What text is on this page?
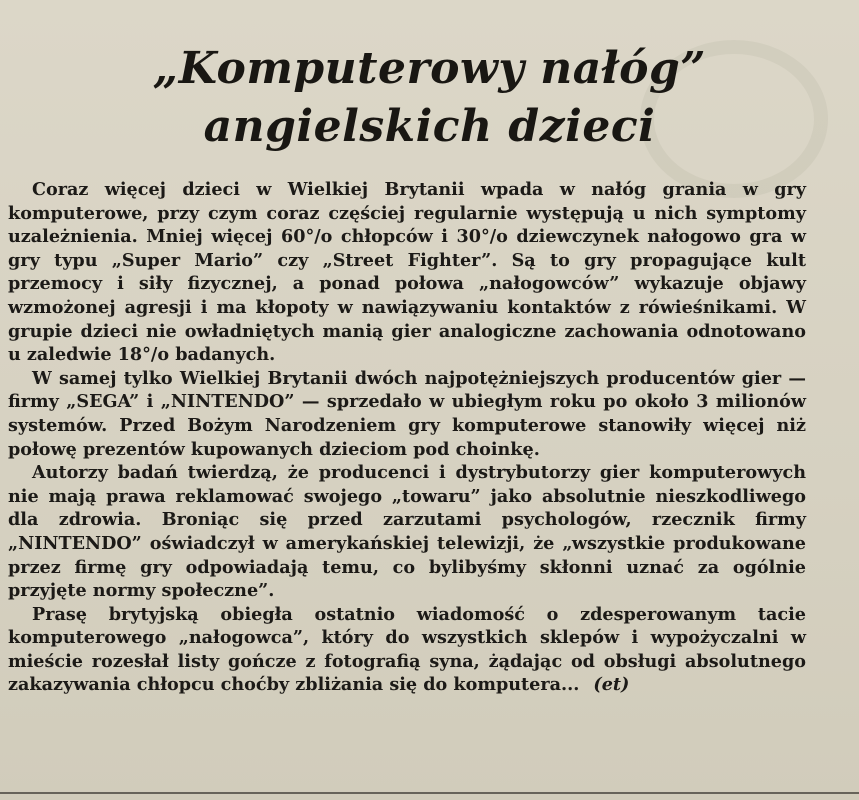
„Komputerowy nałóg”
angielskich dzieci

Coraz więcej dzieci w Wielkiej Brytanii wpada w nałóg grania w gry komputerowe, przy czym coraz częściej regularnie występują u nich symptomy uzależnienia. Mniej więcej 60°/o chłopców i 30°/o dziewczynek nałogowo gra w gry typu „Super Mario” czy „Street Fighter”. Są to gry propagujące kult przemocy i siły fizycznej, a ponad połowa „nałogowców” wykazuje objawy wzmożonej agresji i ma kłopoty w nawiązywaniu kontaktów z rówieśnikami. W grupie dzieci nie owładniętych manią gier analogiczne zachowania odnotowano u zaledwie 18°/o badanych.

W samej tylko Wielkiej Brytanii dwóch najpotężniejszych producentów gier — firmy „SEGA” i „NINTENDO” — sprzedało w ubiegłym roku po około 3 milionów systemów. Przed Bożym Narodzeniem gry komputerowe stanowiły więcej niż połowę prezentów kupowanych dzieciom pod choinkę.

Autorzy badań twierdzą, że producenci i dystrybutorzy gier komputerowych nie mają prawa reklamować swojego „towaru” jako absolutnie nieszkodliwego dla zdrowia. Broniąc się przed zarzutami psychologów, rzecznik firmy „NINTENDO” oświadczył w amerykańskiej telewizji, że „wszystkie produkowane przez firmę gry odpowiadają temu, co bylibyśmy skłonni uznać za ogólnie przyjęte normy społeczne”.

Prasę brytyjską obiegła ostatnio wiadomość o zdesperowanym tacie komputerowego „nałogowca”, który do wszystkich sklepów i wypożyczalni w mieście rozesłał listy gończe z fotografią syna, żądając od obsługi absolutnego zakazywania chłopcu choćby zbliżania się do komputera... (et)
